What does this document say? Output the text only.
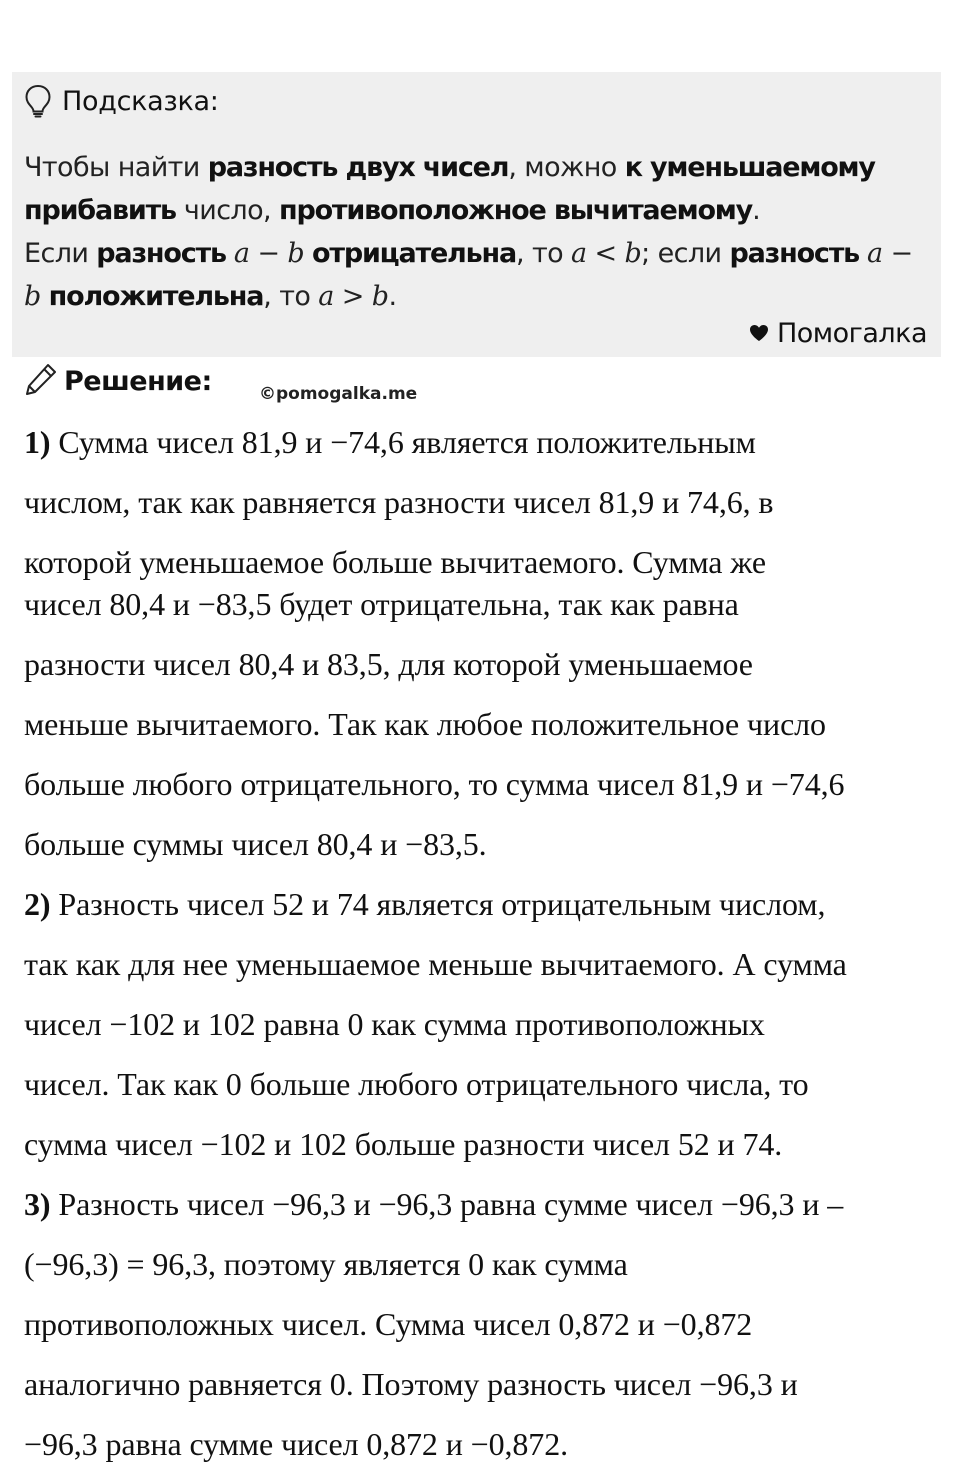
Подсказка:
Чтобы найти разность двух чисел, можно к уменьшаемому
прибавить число, противоположное вычитаемому.
Если разность a − b отрицательна, то a < b; если разность a −
b положительна, то a > b.
Помогалка
Решение:	©pomogalka.me
1) Сумма чисел 81,9 и −74,6 является положительным
числом, так как равняется разности чисел 81,9 и 74,6, в
которой уменьшаемое больше вычитаемого. Сумма же
чисел 80,4 и −83,5 будет отрицательна, так как равна
разности чисел 80,4 и 83,5, для которой уменьшаемое
меньше вычитаемого. Так как любое положительное число
больше любого отрицательного, то сумма чисел 81,9 и −74,6
больше суммы чисел 80,4 и −83,5.
2) Разность чисел 52 и 74 является отрицательным числом,
так как для нее уменьшаемое меньше вычитаемого. А сумма
чисел −102 и 102 равна 0 как сумма противоположных
чисел. Так как 0 больше любого отрицательного числа, то
сумма чисел −102 и 102 больше разности чисел 52 и 74.
3) Разность чисел −96,3 и −96,3 равна сумме чисел −96,3 и –
(−96,3) = 96,3, поэтому является 0 как сумма
противоположных чисел. Сумма чисел 0,872 и −0,872
аналогично равняется 0. Поэтому разность чисел −96,3 и
−96,3 равна сумме чисел 0,872 и −0,872.
